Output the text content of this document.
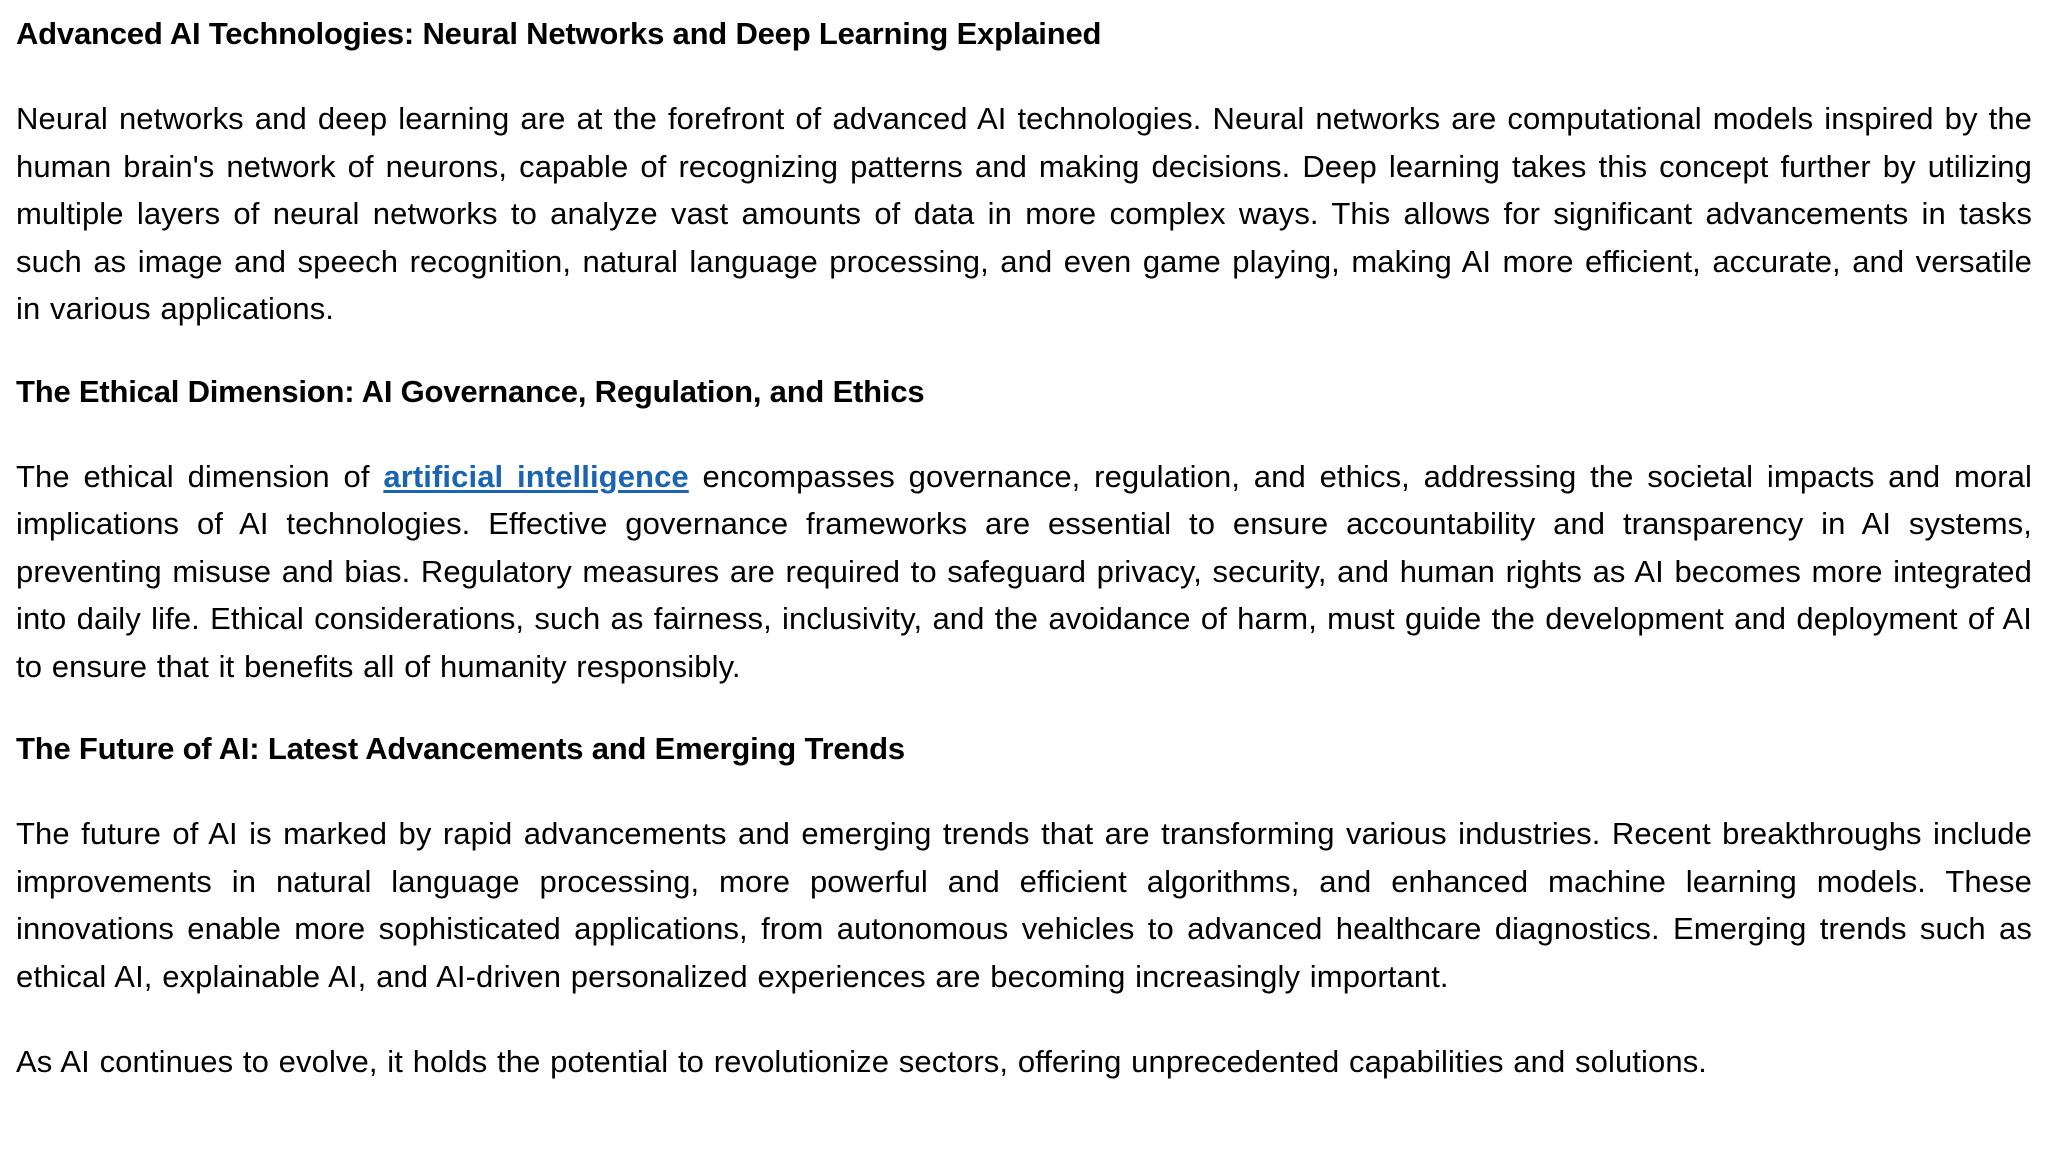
Advanced AI Technologies: Neural Networks and Deep Learning Explained

Neural networks and deep learning are at the forefront of advanced AI technologies. Neural networks are computational models inspired by the human brain's network of neurons, capable of recognizing patterns and making decisions. Deep learning takes this concept further by utilizing multiple layers of neural networks to analyze vast amounts of data in more complex ways. This allows for significant advancements in tasks such as image and speech recognition, natural language processing, and even game playing, making AI more efficient, accurate, and versatile in various applications.

The Ethical Dimension: AI Governance, Regulation, and Ethics

The ethical dimension of artificial intelligence encompasses governance, regulation, and ethics, addressing the societal impacts and moral implications of AI technologies. Effective governance frameworks are essential to ensure accountability and transparency in AI systems, preventing misuse and bias. Regulatory measures are required to safeguard privacy, security, and human rights as AI becomes more integrated into daily life. Ethical considerations, such as fairness, inclusivity, and the avoidance of harm, must guide the development and deployment of AI to ensure that it benefits all of humanity responsibly.

The Future of AI: Latest Advancements and Emerging Trends

The future of AI is marked by rapid advancements and emerging trends that are transforming various industries. Recent breakthroughs include improvements in natural language processing, more powerful and efficient algorithms, and enhanced machine learning models. These innovations enable more sophisticated applications, from autonomous vehicles to advanced healthcare diagnostics. Emerging trends such as ethical AI, explainable AI, and AI-driven personalized experiences are becoming increasingly important.

As AI continues to evolve, it holds the potential to revolutionize sectors, offering unprecedented capabilities and solutions.
